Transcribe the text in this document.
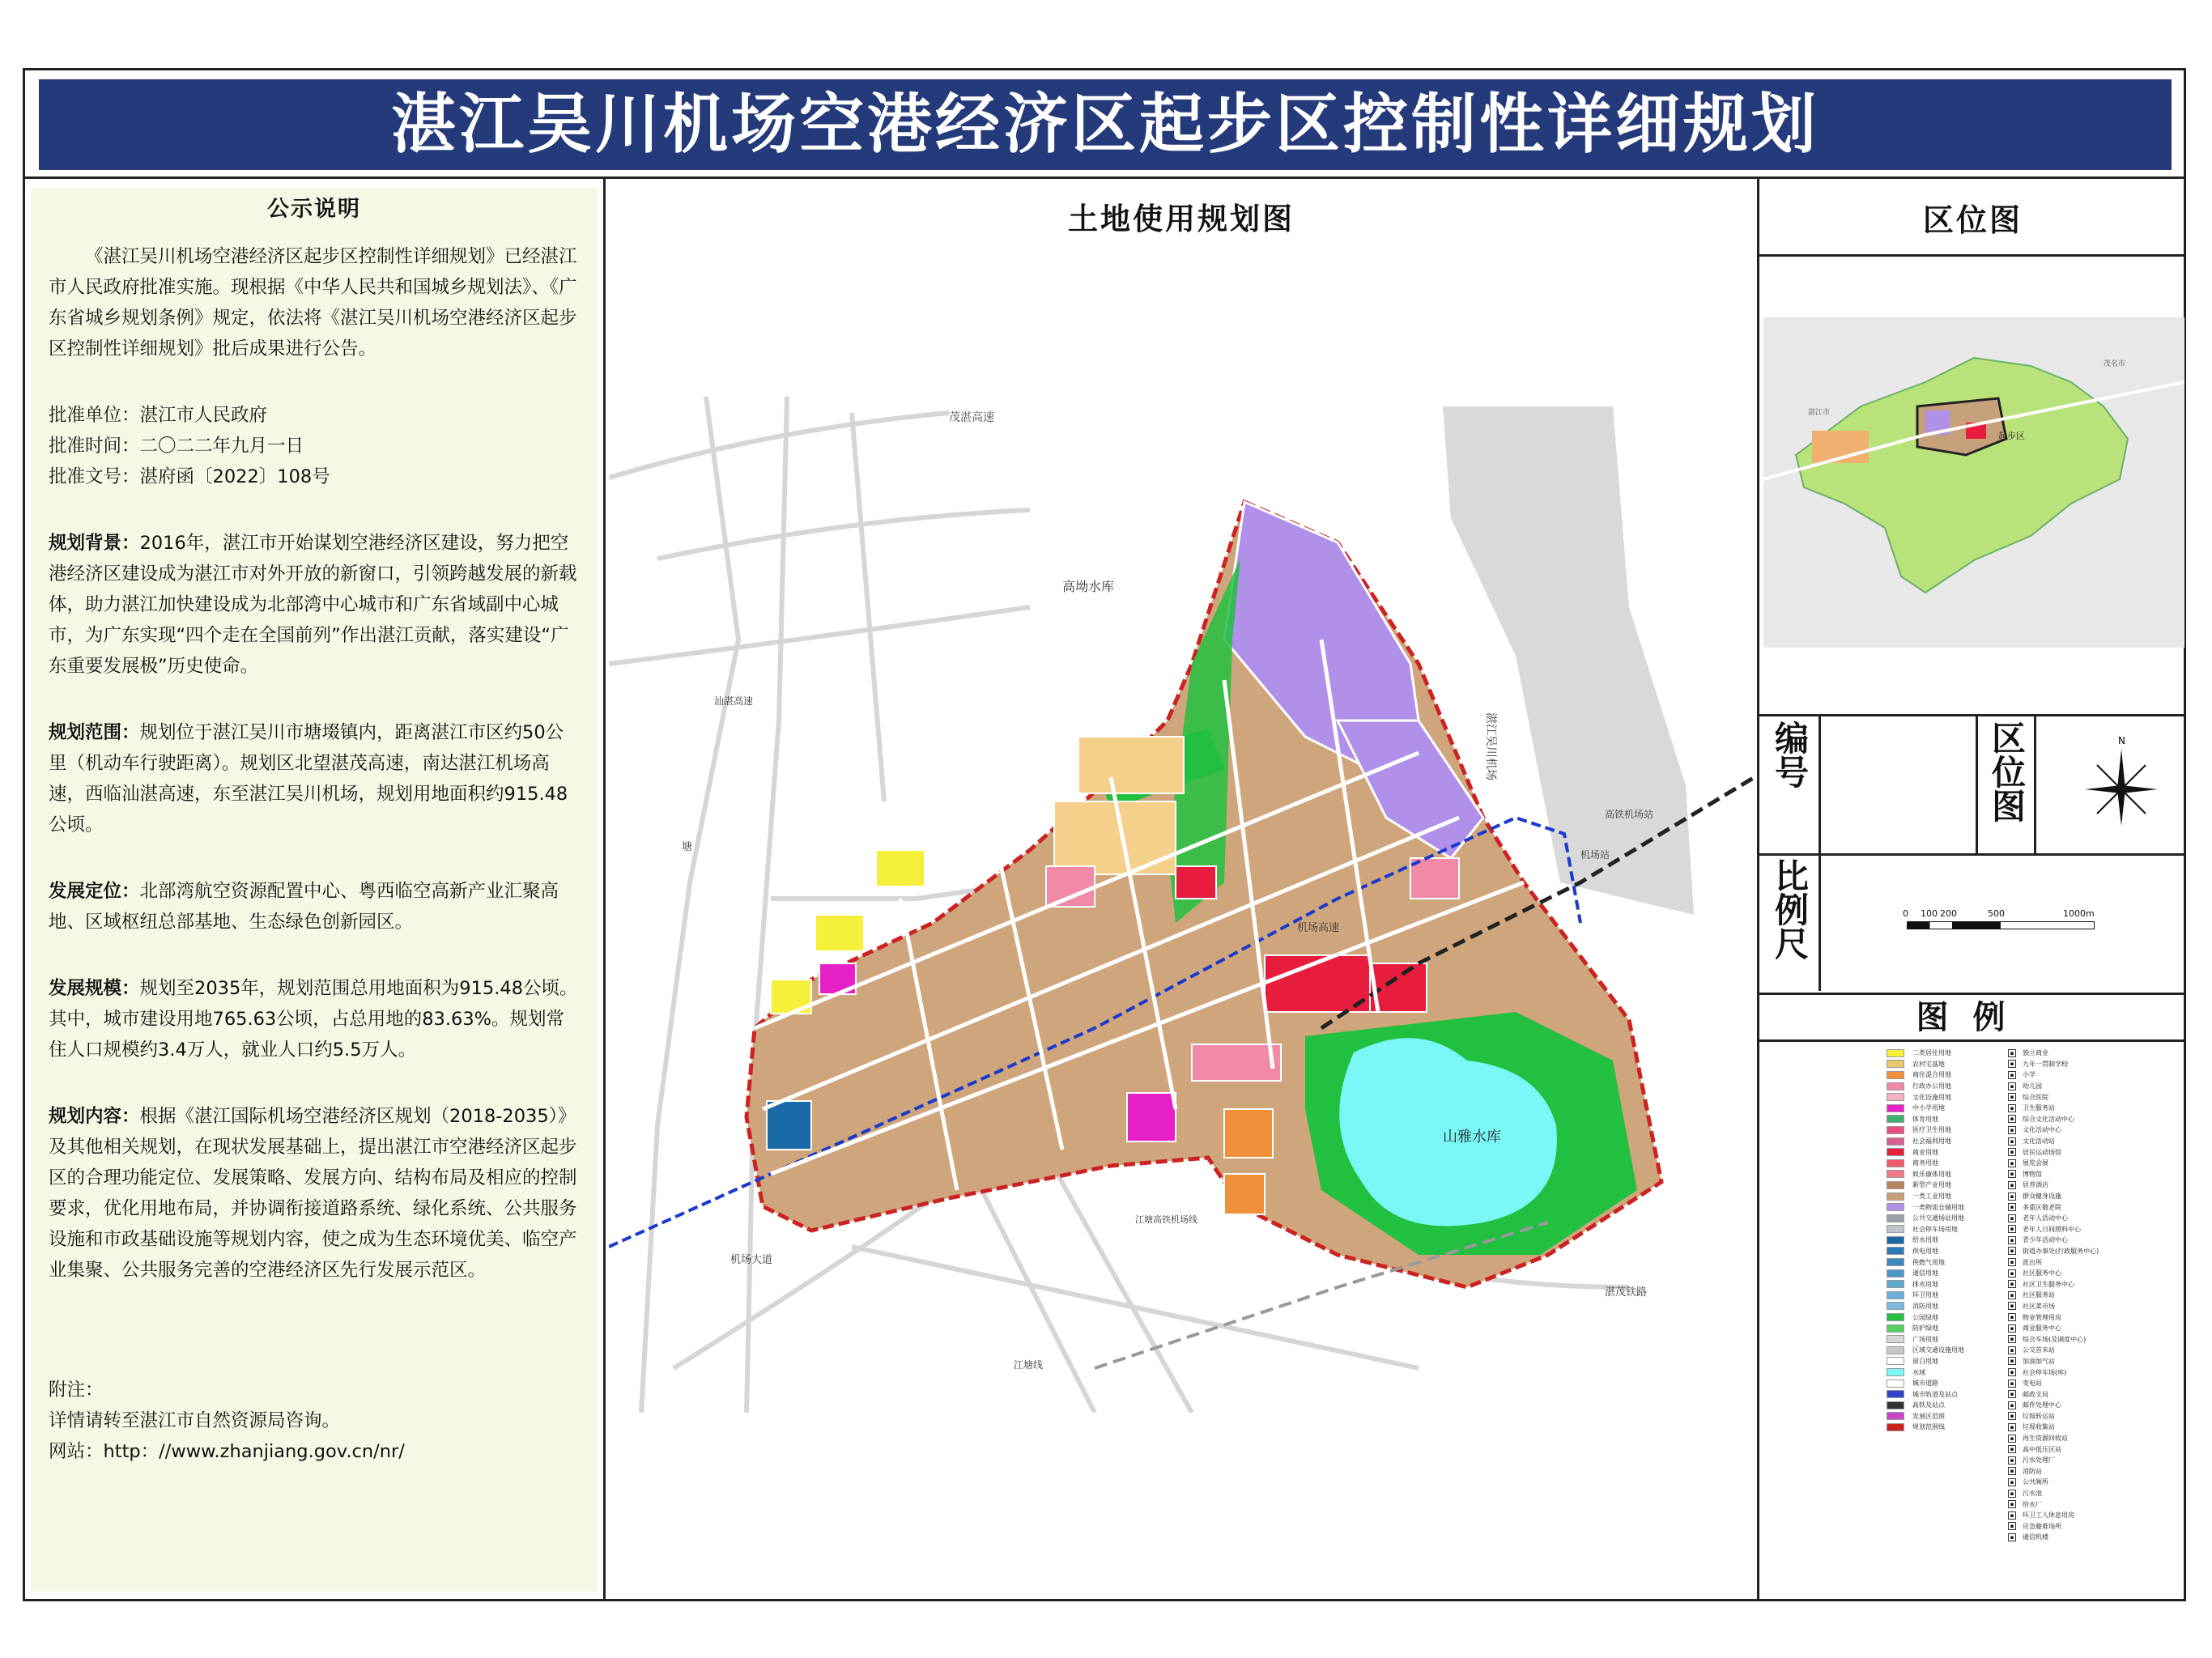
湛江吴川机场空港经济区起步区控制性详细规划
公示说明

《湛江吴川机场空港经济区起步区控制性详细规划》已经湛江市人民政府批准实施。现根据《中华人民共和国城乡规划法》、《广东省城乡规划条例》规定，依法将《湛江吴川机场空港经济区起步区控制性详细规划》批后成果进行公告。

批准单位：湛江市人民政府

批准时间：二〇二二年九月一日

批准文号：湛府函〔2022〕108号

规划背景：2016年，湛江市开始谋划空港经济区建设，努力把空港经济区建设成为湛江市对外开放的新窗口，引领跨越发展的新载体，助力湛江加快建设成为北部湾中心城市和广东省域副中心城市，为广东实现“四个走在全国前列”作出湛江贡献，落实建设“广东重要发展极”历史使命。

规划范围：规划位于湛江吴川市塘㙍镇内，距离湛江市区约50公里（机动车行驶距离）。规划区北望湛茂高速，南达湛江机场高速，西临汕湛高速，东至湛江吴川机场，规划用地面积约915.48公顷。

发展定位：北部湾航空资源配置中心、粤西临空高新产业汇聚高地、区域枢纽总部基地、生态绿色创新园区。

发展规模：规划至2035年，规划范围总用地面积为915.48公顷。其中，城市建设用地765.63公顷，占总用地的83.63%。规划常住人口规模约3.4万人，就业人口约5.5万人。

规划内容：根据《湛江国际机场空港经济区规划（2018-2035）》及其他相关规划，在现状发展基础上，提出湛江市空港经济区起步区的合理功能定位、发展策略、发展方向、结构布局及相应的控制要求，优化用地布局，并协调衔接道路系统、绿化系统、公共服务设施和市政基础设施等规划内容，使之成为生态环境优美、临空产业集聚、公共服务完善的空港经济区先行发展示范区。

附注：

详情请转至湛江市自然资源局咨询。

网站：http：//www.zhanjiang.gov.cn/nr/

土地使用规划图
湛江吴川机场
山雅水库
茂湛高速
高坳水库
机场大道
机场高速
机场站
高铁机场站
湛茂铁路
塘
江塘线
汕湛高速
江塘高铁机场线
区位图
起步区
湛江市
茂名市
编号	区位图	N
比例尺	0 100 200	500	1000m
图例
二类居住用地
农村宅基地
商住混合用地
行政办公用地
文化设施用地
中小学用地
体育用地
医疗卫生用地
社会福利用地
商业用地
商务用地
娱乐康体用地
新型产业用地
一类工业用地
一类物流仓储用地
公共交通场站用地
社会停车场用地
给水用地
供电用地
供燃气用地
通信用地
排水用地
环卫用地
消防用地
公园绿地
防护绿地
广场用地
区域交通设施用地
留白用地
水域
城市道路
城市轨道及站点
高铁及站点
发展区范围
规划范围线
▪	独立商业
▪	九年一贯制学校
▪	小学
▪	幼儿园
▪	综合医院
▪	卫生服务站
▪	综合文化活动中心
▪	文化活动中心
▪	文化活动站
▪	居民运动场馆
▪	展览会展
▪	博物馆
▪	居养酒店
▪	群众健身设施
▪	多重区敬老院
▪	老年人活动中心
▪	老年人日间照料中心
▪	青少年活动中心
▪	街道办事处(行政服务中心)
▪	派出所
▪	社区服务中心
▪	社区卫生服务中心
▪	社区服务站
▪	社区菜市场
▪	物业管理用房
▪	商业服务中心
▪	综合车场(及调度中心)
▪	公交首末站
▪	加油加气站
▪	社会停车场(库)
▪	变电站
▪	邮政支局
▪	邮件处理中心
▪	垃圾转运站
▪	垃圾收集站
▪	再生资源回收站
▪	高中低压区站
▪	污水处理厂
▪	消防站
▪	公共厕所
▪	污水池
▪	给水厂
▪	环卫工人休息用房
▪	应急避难场所
▪	通信机楼
